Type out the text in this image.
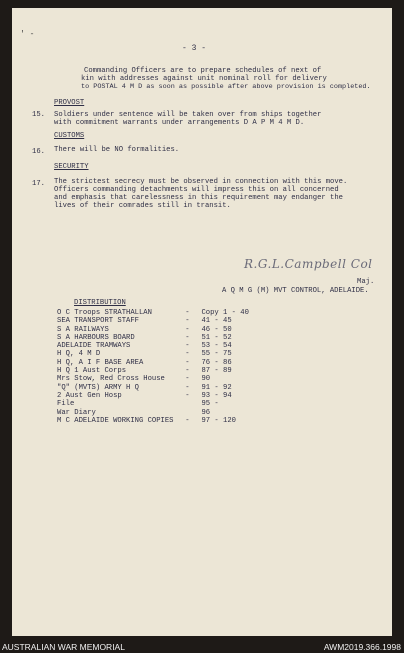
' -
- 3 -
Commanding Officers are to prepare schedules of next of
kin with addresses against unit nominal roll for delivery
to POSTAL 4 M D as soon as possible after above provision is completed.
PROVOST
15. Soldiers under sentence will be taken over from ships together
with commitment warrants under arrangements D A P M 4 M D.
CUSTOMS
16. There will be NO formalities.
SECURITY
17. The strictest secrecy must be observed in connection with this move.
Officers commanding detachments will impress this on all concerned
and emphasis that carelessness in this requirement may endanger the
lives of their comrades still in transit.
R.G.L.Campbell Col
Maj.
A Q M G (M) MVT CONTROL, ADELAIDE.
DISTRIBUTION
O C Troops STRATHALLAN	-	Copy 1 - 40
SEA TRANSPORT STAFF	-	41 - 45
S A RAILWAYS	-	46 - 50
S A HARBOURS BOARD	-	51 - 52
ADELAIDE TRAMWAYS	-	53 - 54
H Q, 4 M D	-	55 - 75
H Q, A I F BASE AREA	-	76 - 86
H Q 1 Aust Corps	-	87 - 89
Mrs Stow, Red Cross House	-	90
"Q" (MVTS) ARMY H Q	-	91 - 92
2 Aust Gen Hosp	-	93 - 94
File		95 -
War Diary		96
M C ADELAIDE WORKING COPIES	-	97 - 120
AUSTRALIAN WAR MEMORIAL	AWM2019.366.1998
